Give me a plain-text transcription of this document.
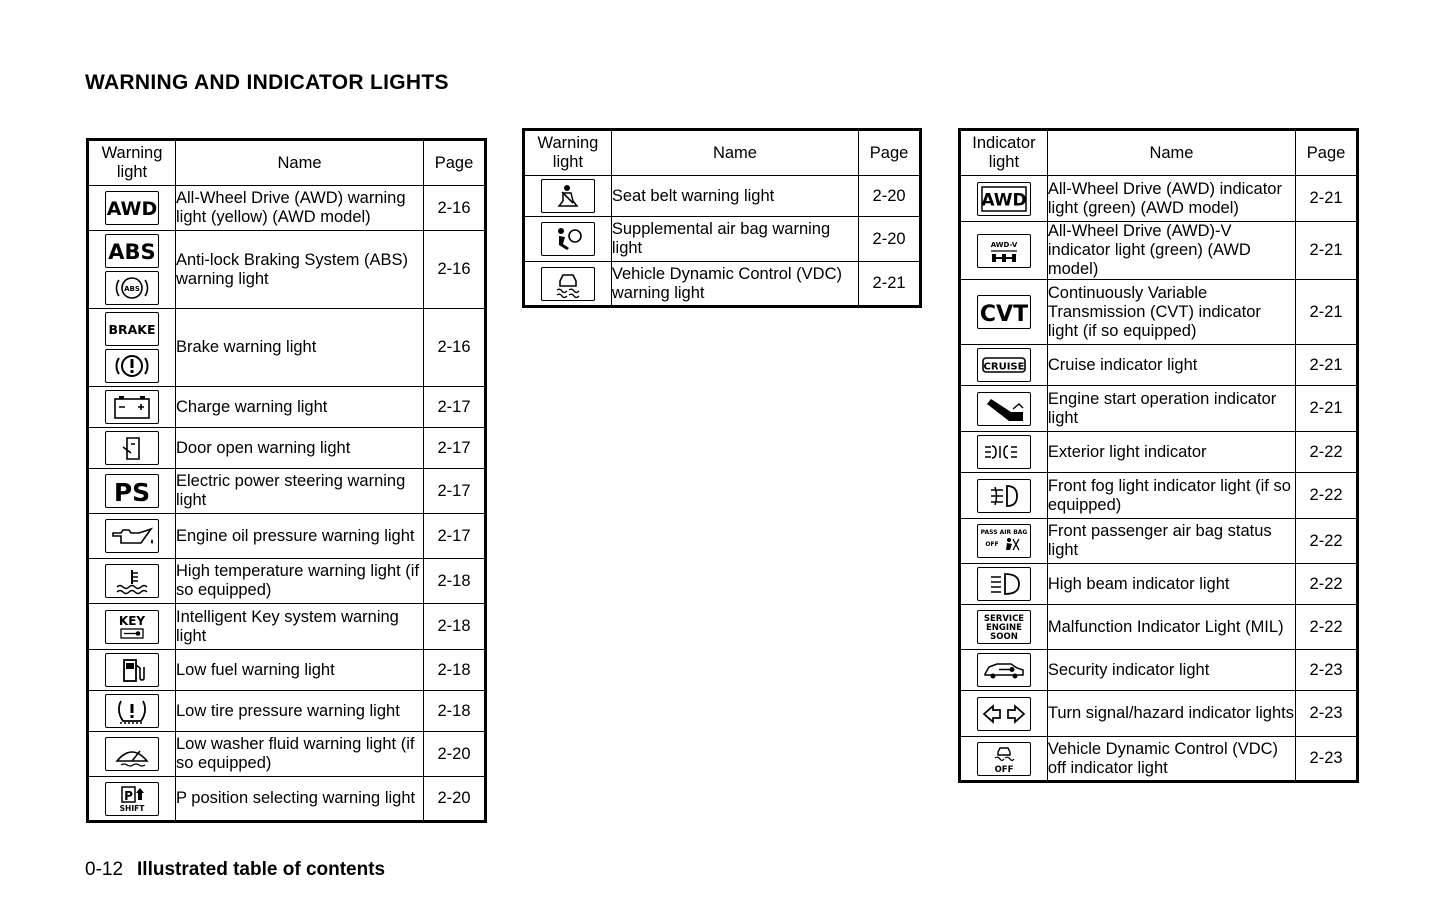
WARNING AND INDICATOR LIGHTS
Warning light	Name	Page

AWD	All-Wheel Drive (AWD) warning light (yellow) (AWD model)	2-16

ABS
ABS	Anti-lock Braking System (ABS) warning light	2-16

BRAKE	Brake warning light	2-16

	Charge warning light	2-17

	Door open warning light	2-17

PS	Electric power steering warning light	2-17

	Engine oil pressure warning light	2-17

	High temperature warning light (if so equipped)	2-18

KEY	Intelligent Key system warning light	2-18

	Low fuel warning light	2-18

	Low tire pressure warning light	2-18

	Low washer fluid warning light (if so equipped)	2-20

P
SHIFT	P position selecting warning light	2-20
Warning light	Name	Page

	Seat belt warning light	2-20

	Supplemental air bag warning light	2-20

	Vehicle Dynamic Control (VDC) warning light	2-21
Indicator light	Name	Page

AWD	All-Wheel Drive (AWD) indicator light (green) (AWD model)	2-21

AWD-V	All-Wheel Drive (AWD)-V indicator light (green) (AWD model)	2-21

CVT	Continuously Variable Transmission (CVT) indicator light (if so equipped)	2-21

CRUISE	Cruise indicator light	2-21

	Engine start operation indicator light	2-21

	Exterior light indicator	2-22

	Front fog light indicator light (if so equipped)	2-22

PASS AIR BAG
OFF	Front passenger air bag status light	2-22

	High beam indicator light	2-22

SERVICE
ENGINE
SOON	Malfunction Indicator Light (MIL)	2-22

	Security indicator light	2-23

	Turn signal/hazard indicator lights	2-23

OFF	Vehicle Dynamic Control (VDC) off indicator light	2-23
0-12 Illustrated table of contents
